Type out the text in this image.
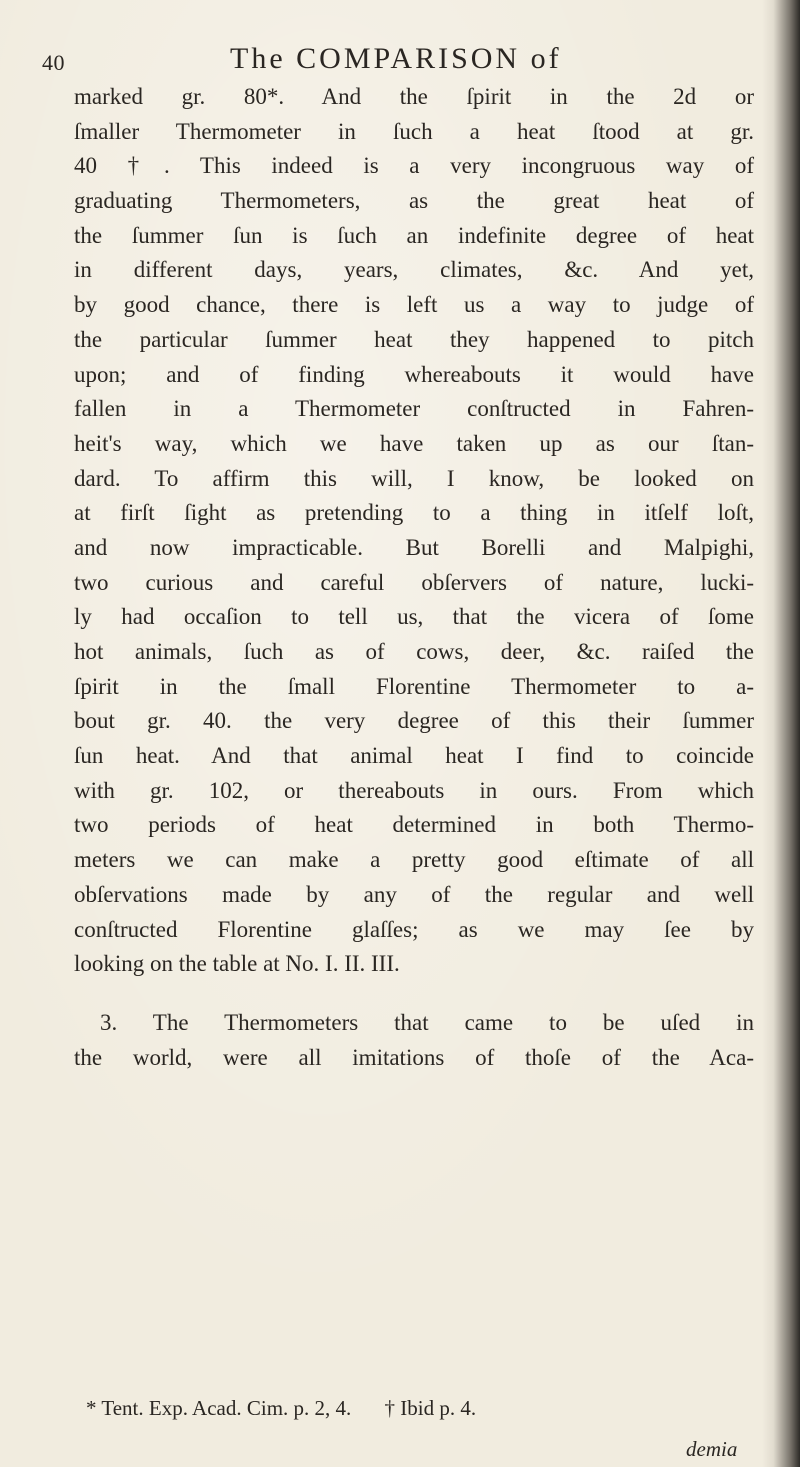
40	The COMPARISON of
marked gr. 80*. And the ſpirit in the 2d or
ſmaller Thermometer in ſuch a heat ſtood at gr.
40 †. This indeed is a very incongruous way of
graduating Thermometers, as the great heat of
the ſummer ſun is ſuch an indefinite degree of heat
in different days, years, climates, &c. And yet,
by good chance, there is left us a way to judge of
the particular ſummer heat they happened to pitch
upon; and of finding whereabouts it would have
fallen in a Thermometer conſtructed in Fahren-
heit's way, which we have taken up as our ſtan-
dard. To affirm this will, I know, be looked on
at firſt ſight as pretending to a thing in itſelf loſt,
and now impracticable. But Borelli and Malpighi,
two curious and careful obſervers of nature, lucki-
ly had occaſion to tell us, that the vicera of ſome
hot animals, ſuch as of cows, deer, &c. raiſed the
ſpirit in the ſmall Florentine Thermometer to a-
bout gr. 40. the very degree of this their ſummer
ſun heat. And that animal heat I find to coincide
with gr. 102, or thereabouts in ours. From which
two periods of heat determined in both Thermo-
meters we can make a pretty good eſtimate of all
obſervations made by any of the regular and well
conſtructed Florentine glaſſes; as we may ſee by
looking on the table at No. I. II. III.
3. The Thermometers that came to be uſed in
the world, were all imitations of thoſe of the Aca-
* Tent. Exp. Acad. Cim. p. 2, 4. † Ibid p. 4.
demia
